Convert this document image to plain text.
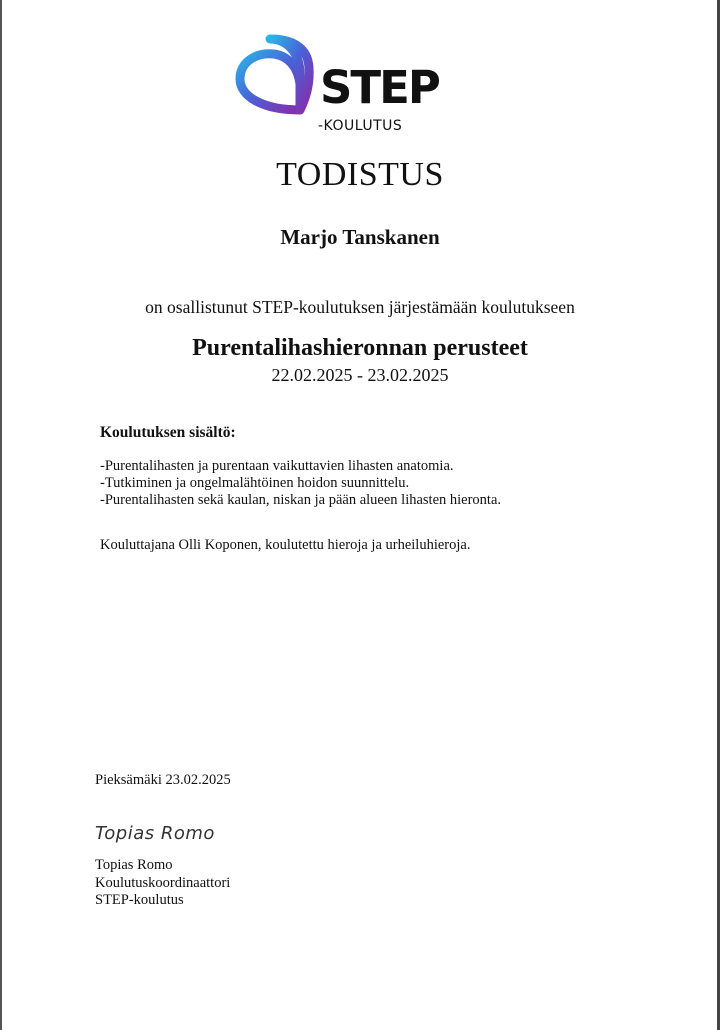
STEP
-KOULUTUS
TODISTUS
Marjo Tanskanen
on osallistunut STEP-koulutuksen järjestämään koulutukseen
Purentalihashieronnan perusteet
22.02.2025 - 23.02.2025
Koulutuksen sisältö:
-Purentalihasten ja purentaan vaikuttavien lihasten anatomia.
-Tutkiminen ja ongelmalähtöinen hoidon suunnittelu.
-Purentalihasten sekä kaulan, niskan ja pään alueen lihasten hieronta.
Kouluttajana Olli Koponen, koulutettu hieroja ja urheiluhieroja.
Pieksämäki 23.02.2025
Topias Romo
Topias Romo
Koulutuskoordinaattori
STEP-koulutus
